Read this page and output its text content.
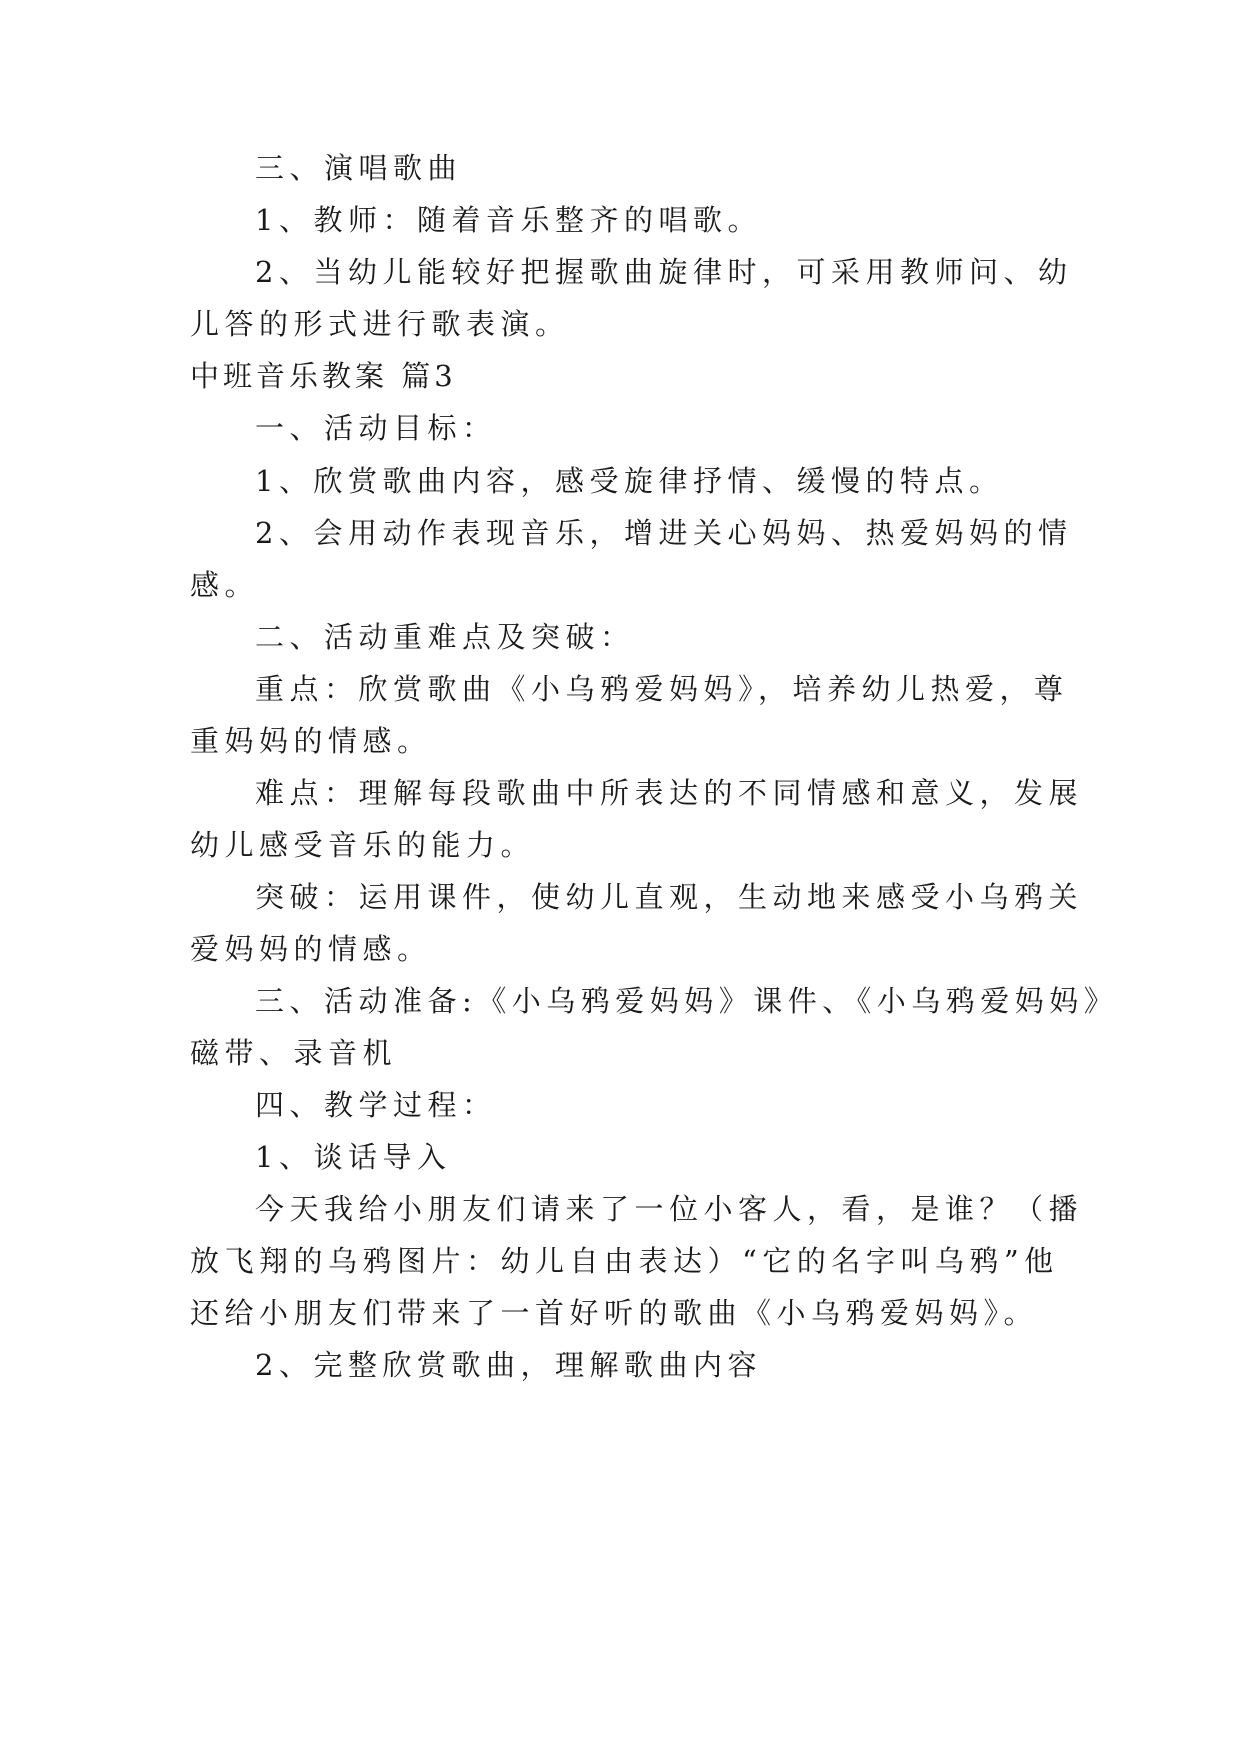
三、演唱歌曲
1、教师：随着音乐整齐的唱歌。
2、当幼儿能较好把握歌曲旋律时，可采用教师问、幼
儿答的形式进行歌表演。
中班音乐教案 篇3
一、活动目标：
1、欣赏歌曲内容，感受旋律抒情、缓慢的特点。
2、会用动作表现音乐，增进关心妈妈、热爱妈妈的情
感。
二、活动重难点及突破：
重点：欣赏歌曲《小乌鸦爱妈妈》，培养幼儿热爱，尊
重妈妈的情感。
难点：理解每段歌曲中所表达的不同情感和意义，发展
幼儿感受音乐的能力。
突破：运用课件，使幼儿直观，生动地来感受小乌鸦关
爱妈妈的情感。
三、活动准备:《小乌鸦爱妈妈》课件、《小乌鸦爱妈妈》
磁带、录音机
四、教学过程：
1、谈话导入
今天我给小朋友们请来了一位小客人，看，是谁？（播
放飞翔的乌鸦图片：幼儿自由表达）“它的名字叫乌鸦”他
还给小朋友们带来了一首好听的歌曲《小乌鸦爱妈妈》。
2、完整欣赏歌曲，理解歌曲内容
